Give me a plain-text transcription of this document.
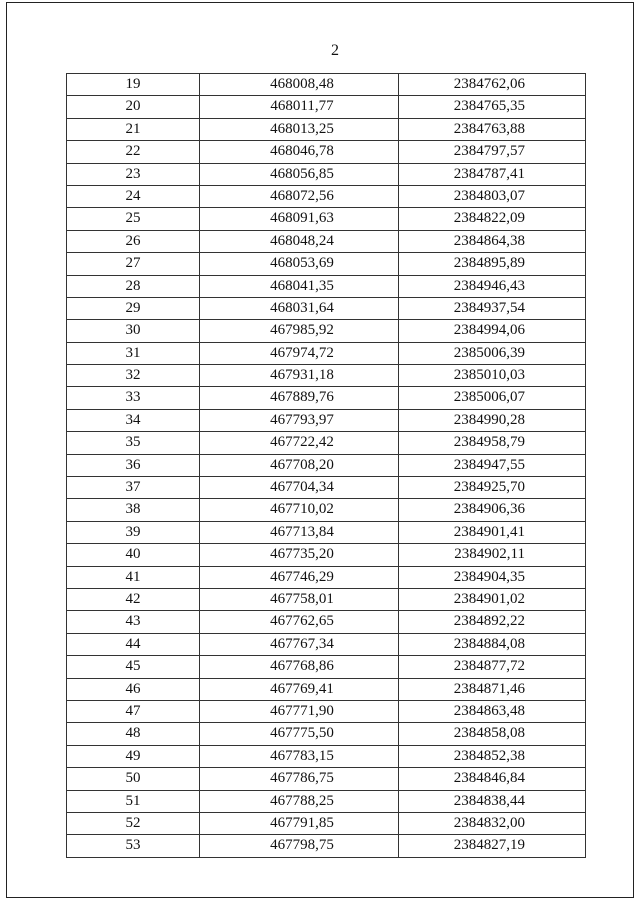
2
19	468008,48	2384762,06
20	468011,77	2384765,35
21	468013,25	2384763,88
22	468046,78	2384797,57
23	468056,85	2384787,41
24	468072,56	2384803,07
25	468091,63	2384822,09
26	468048,24	2384864,38
27	468053,69	2384895,89
28	468041,35	2384946,43
29	468031,64	2384937,54
30	467985,92	2384994,06
31	467974,72	2385006,39
32	467931,18	2385010,03
33	467889,76	2385006,07
34	467793,97	2384990,28
35	467722,42	2384958,79
36	467708,20	2384947,55
37	467704,34	2384925,70
38	467710,02	2384906,36
39	467713,84	2384901,41
40	467735,20	2384902,11
41	467746,29	2384904,35
42	467758,01	2384901,02
43	467762,65	2384892,22
44	467767,34	2384884,08
45	467768,86	2384877,72
46	467769,41	2384871,46
47	467771,90	2384863,48
48	467775,50	2384858,08
49	467783,15	2384852,38
50	467786,75	2384846,84
51	467788,25	2384838,44
52	467791,85	2384832,00
53	467798,75	2384827,19
